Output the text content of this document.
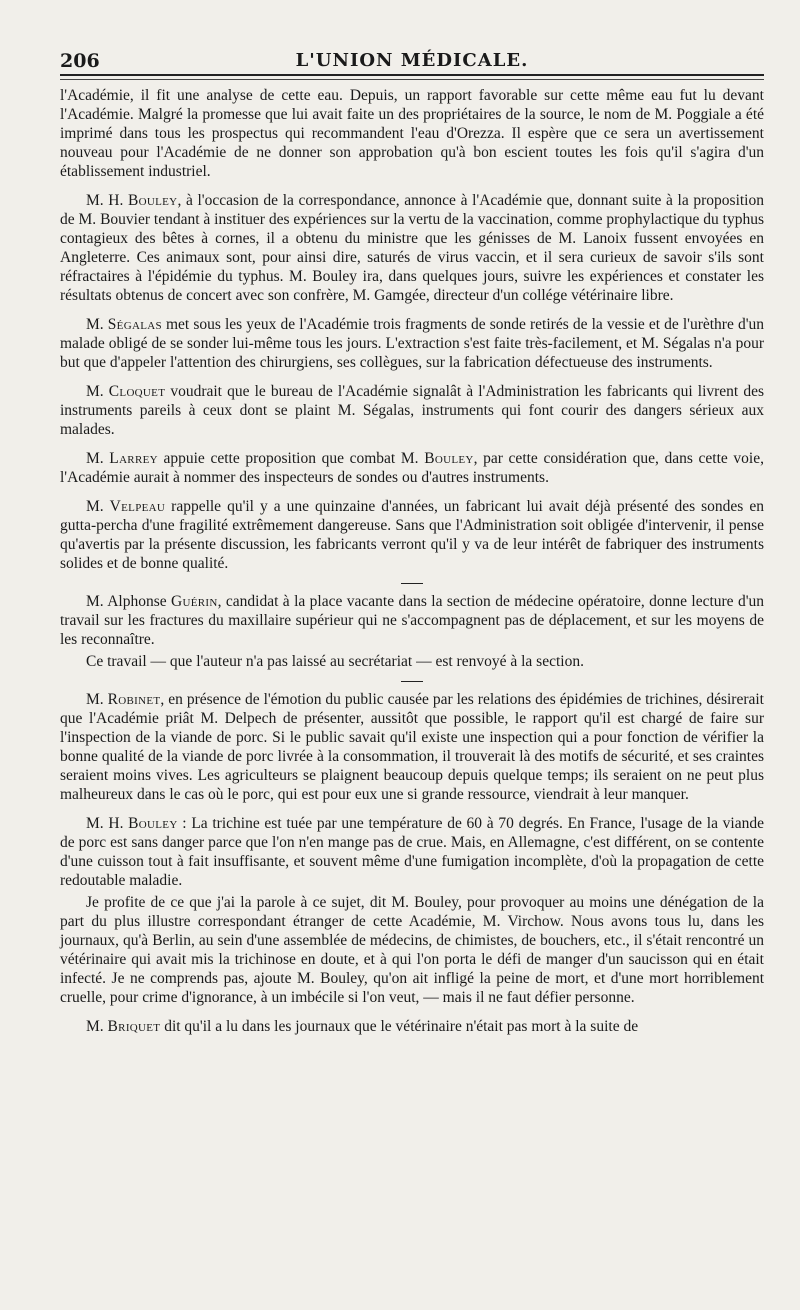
206	L'UNION MÉDICALE.

l'Académie, il fit une analyse de cette eau. Depuis, un rapport favorable sur cette même eau fut lu devant l'Académie. Malgré la promesse que lui avait faite un des propriétaires de la source, le nom de M. Poggiale a été imprimé dans tous les prospectus qui recommandent l'eau d'Orezza. Il espère que ce sera un avertissement nouveau pour l'Académie de ne donner son approbation qu'à bon escient toutes les fois qu'il s'agira d'un établissement industriel.

M. H. Bouley, à l'occasion de la correspondance, annonce à l'Académie que, donnant suite à la proposition de M. Bouvier tendant à instituer des expériences sur la vertu de la vaccination, comme prophylactique du typhus contagieux des bêtes à cornes, il a obtenu du ministre que les génisses de M. Lanoix fussent envoyées en Angleterre. Ces animaux sont, pour ainsi dire, saturés de virus vaccin, et il sera curieux de savoir s'ils sont réfractaires à l'épidémie du typhus. M. Bouley ira, dans quelques jours, suivre les expériences et constater les résultats obtenus de concert avec son confrère, M. Gamgée, directeur d'un collége vétérinaire libre.

M. Ségalas met sous les yeux de l'Académie trois fragments de sonde retirés de la vessie et de l'urèthre d'un malade obligé de se sonder lui-même tous les jours. L'extraction s'est faite très-facilement, et M. Ségalas n'a pour but que d'appeler l'attention des chirurgiens, ses collègues, sur la fabrication défectueuse des instruments.

M. Cloquet voudrait que le bureau de l'Académie signalât à l'Administration les fabricants qui livrent des instruments pareils à ceux dont se plaint M. Ségalas, instruments qui font courir des dangers sérieux aux malades.

M. Larrey appuie cette proposition que combat M. Bouley, par cette considération que, dans cette voie, l'Académie aurait à nommer des inspecteurs de sondes ou d'autres instruments.

M. Velpeau rappelle qu'il y a une quinzaine d'années, un fabricant lui avait déjà présenté des sondes en gutta-percha d'une fragilité extrêmement dangereuse. Sans que l'Administration soit obligée d'intervenir, il pense qu'avertis par la présente discussion, les fabricants verront qu'il y va de leur intérêt de fabriquer des instruments solides et de bonne qualité.

M. Alphonse Guérin, candidat à la place vacante dans la section de médecine opératoire, donne lecture d'un travail sur les fractures du maxillaire supérieur qui ne s'accompagnent pas de déplacement, et sur les moyens de les reconnaître.

Ce travail — que l'auteur n'a pas laissé au secrétariat — est renvoyé à la section.

M. Robinet, en présence de l'émotion du public causée par les relations des épidémies de trichines, désirerait que l'Académie priât M. Delpech de présenter, aussitôt que possible, le rapport qu'il est chargé de faire sur l'inspection de la viande de porc. Si le public savait qu'il existe une inspection qui a pour fonction de vérifier la bonne qualité de la viande de porc livrée à la consommation, il trouverait là des motifs de sécurité, et ses craintes seraient moins vives. Les agriculteurs se plaignent beaucoup depuis quelque temps; ils seraient on ne peut plus malheureux dans le cas où le porc, qui est pour eux une si grande ressource, viendrait à leur manquer.

M. H. Bouley : La trichine est tuée par une température de 60 à 70 degrés. En France, l'usage de la viande de porc est sans danger parce que l'on n'en mange pas de crue. Mais, en Allemagne, c'est différent, on se contente d'une cuisson tout à fait insuffisante, et souvent même d'une fumigation incomplète, d'où la propagation de cette redoutable maladie.

Je profite de ce que j'ai la parole à ce sujet, dit M. Bouley, pour provoquer au moins une dénégation de la part du plus illustre correspondant étranger de cette Académie, M. Virchow. Nous avons tous lu, dans les journaux, qu'à Berlin, au sein d'une assemblée de médecins, de chimistes, de bouchers, etc., il s'était rencontré un vétérinaire qui avait mis la trichinose en doute, et à qui l'on porta le défi de manger d'un saucisson qui en était infecté. Je ne comprends pas, ajoute M. Bouley, qu'on ait infligé la peine de mort, et d'une mort horriblement cruelle, pour crime d'ignorance, à un imbécile si l'on veut, — mais il ne faut défier personne.

M. Briquet dit qu'il a lu dans les journaux que le vétérinaire n'était pas mort à la suite de
